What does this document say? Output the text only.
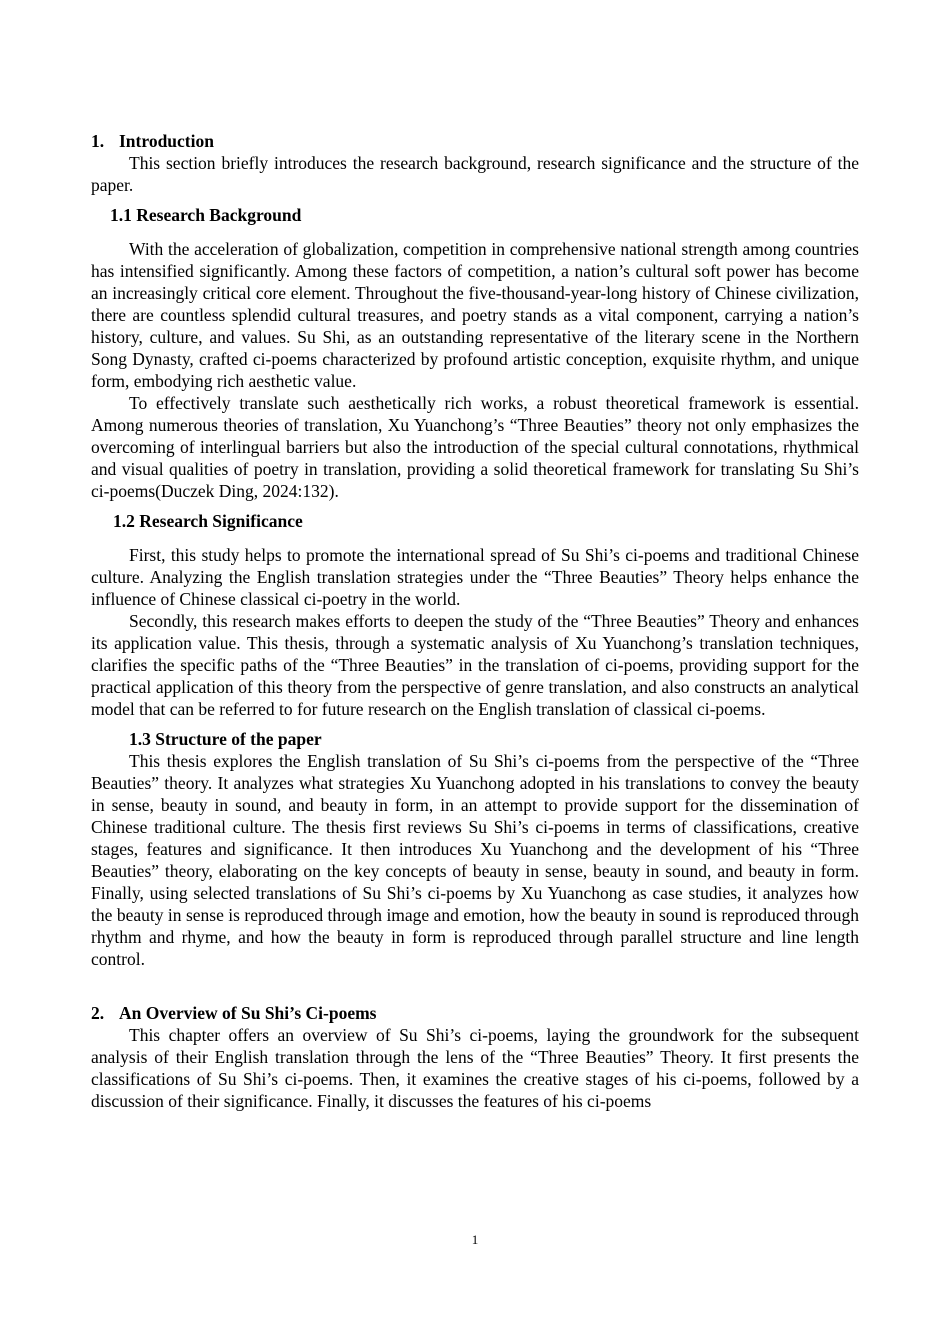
1. Introduction

This section briefly introduces the research background, research significance and the structure of the paper.

1.1 Research Background

With the acceleration of globalization, competition in comprehensive national strength among countries has intensified significantly. Among these factors of competition, a nation’s cultural soft power has become an increasingly critical core element. Throughout the five-thousand-year-long history of Chinese civilization, there are countless splendid cultural treasures, and poetry stands as a vital component, carrying a nation’s history, culture, and values. Su Shi, as an outstanding representative of the literary scene in the Northern Song Dynasty, crafted ci-poems characterized by profound artistic conception, exquisite rhythm, and unique form, embodying rich aesthetic value.

To effectively translate such aesthetically rich works, a robust theoretical framework is essential. Among numerous theories of translation, Xu Yuanchong’s “Three Beauties” theory not only emphasizes the overcoming of interlingual barriers but also the introduction of the special cultural connotations, rhythmical and visual qualities of poetry in translation, providing a solid theoretical framework for translating Su Shi’s ci-poems(Duczek Ding, 2024:132).

1.2 Research Significance

First, this study helps to promote the international spread of Su Shi’s ci-poems and traditional Chinese culture. Analyzing the English translation strategies under the “Three Beauties” Theory helps enhance the influence of Chinese classical ci-poetry in the world.

Secondly, this research makes efforts to deepen the study of the “Three Beauties” Theory and enhances its application value. This thesis, through a systematic analysis of Xu Yuanchong’s translation techniques, clarifies the specific paths of the “Three Beauties” in the translation of ci-poems, providing support for the practical application of this theory from the perspective of genre translation, and also constructs an analytical model that can be referred to for future research on the English translation of classical ci-poems.

1.3 Structure of the paper

This thesis explores the English translation of Su Shi’s ci-poems from the perspective of the “Three Beauties” theory. It analyzes what strategies Xu Yuanchong adopted in his translations to convey the beauty in sense, beauty in sound, and beauty in form, in an attempt to provide support for the dissemination of Chinese traditional culture. The thesis first reviews Su Shi’s ci-poems in terms of classifications, creative stages, features and significance. It then introduces Xu Yuanchong and the development of his “Three Beauties” theory, elaborating on the key concepts of beauty in sense, beauty in sound, and beauty in form. Finally, using selected translations of Su Shi’s ci-poems by Xu Yuanchong as case studies, it analyzes how the beauty in sense is reproduced through image and emotion, how the beauty in sound is reproduced through rhythm and rhyme, and how the beauty in form is reproduced through parallel structure and line length control.

2. An Overview of Su Shi’s Ci-poems

This chapter offers an overview of Su Shi’s ci-poems, laying the groundwork for the subsequent analysis of their English translation through the lens of the “Three Beauties” Theory. It first presents the classifications of Su Shi’s ci-poems. Then, it examines the creative stages of his ci-poems, followed by a discussion of their significance. Finally, it discusses the features of his ci-poems

1
